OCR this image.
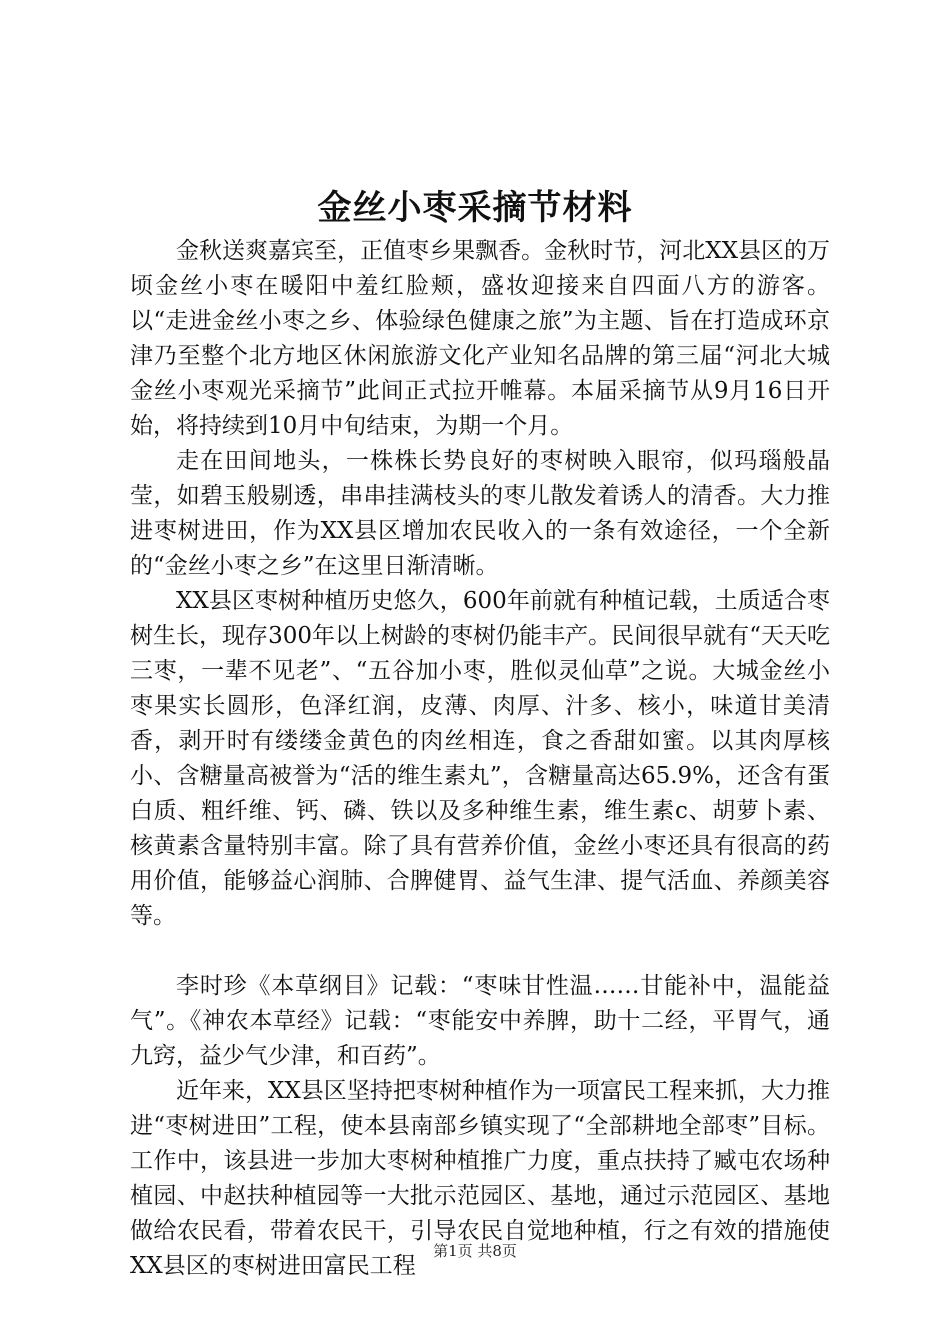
金丝小枣采摘节材料

金秋送爽嘉宾至，正值枣乡果飘香。金秋时节，河北XX县区的万顷金丝小枣在暖阳中羞红脸颊，盛妆迎接来自四面八方的游客。以“走进金丝小枣之乡、体验绿色健康之旅”为主题、旨在打造成环京津乃至整个北方地区休闲旅游文化产业知名品牌的第三届“河北大城金丝小枣观光采摘节”此间正式拉开帷幕。本届采摘节从9月16日开始，将持续到10月中旬结束，为期一个月。

走在田间地头，一株株长势良好的枣树映入眼帘，似玛瑙般晶莹，如碧玉般剔透，串串挂满枝头的枣儿散发着诱人的清香。大力推进枣树进田，作为XX县区增加农民收入的一条有效途径，一个全新的“金丝小枣之乡”在这里日渐清晰。

XX县区枣树种植历史悠久，600年前就有种植记载，土质适合枣树生长，现存300年以上树龄的枣树仍能丰产。民间很早就有“天天吃三枣，一辈不见老”、“五谷加小枣，胜似灵仙草”之说。大城金丝小枣果实长圆形，色泽红润，皮薄、肉厚、汁多、核小，味道甘美清香，剥开时有缕缕金黄色的肉丝相连，食之香甜如蜜。以其肉厚核小、含糖量高被誉为“活的维生素丸”，含糖量高达65.9%，还含有蛋白质、粗纤维、钙、磷、铁以及多种维生素，维生素c、胡萝卜素、核黄素含量特别丰富。除了具有营养价值，金丝小枣还具有很高的药用价值，能够益心润肺、合脾健胃、益气生津、提气活血、养颜美容等。

李时珍《本草纲目》记载：“枣味甘性温……甘能补中，温能益气”。《神农本草经》记载：“枣能安中养脾，助十二经，平胃气，通九窍，益少气少津，和百药”。

近年来，XX县区坚持把枣树种植作为一项富民工程来抓，大力推进“枣树进田”工程，使本县南部乡镇实现了“全部耕地全部枣”目标。工作中，该县进一步加大枣树种植推广力度，重点扶持了臧屯农场种植园、中赵扶种植园等一大批示范园区、基地，通过示范园区、基地做给农民看，带着农民干，引导农民自觉地种植，行之有效的措施使XX县区的枣树进田富民工程

第1页 共8页
